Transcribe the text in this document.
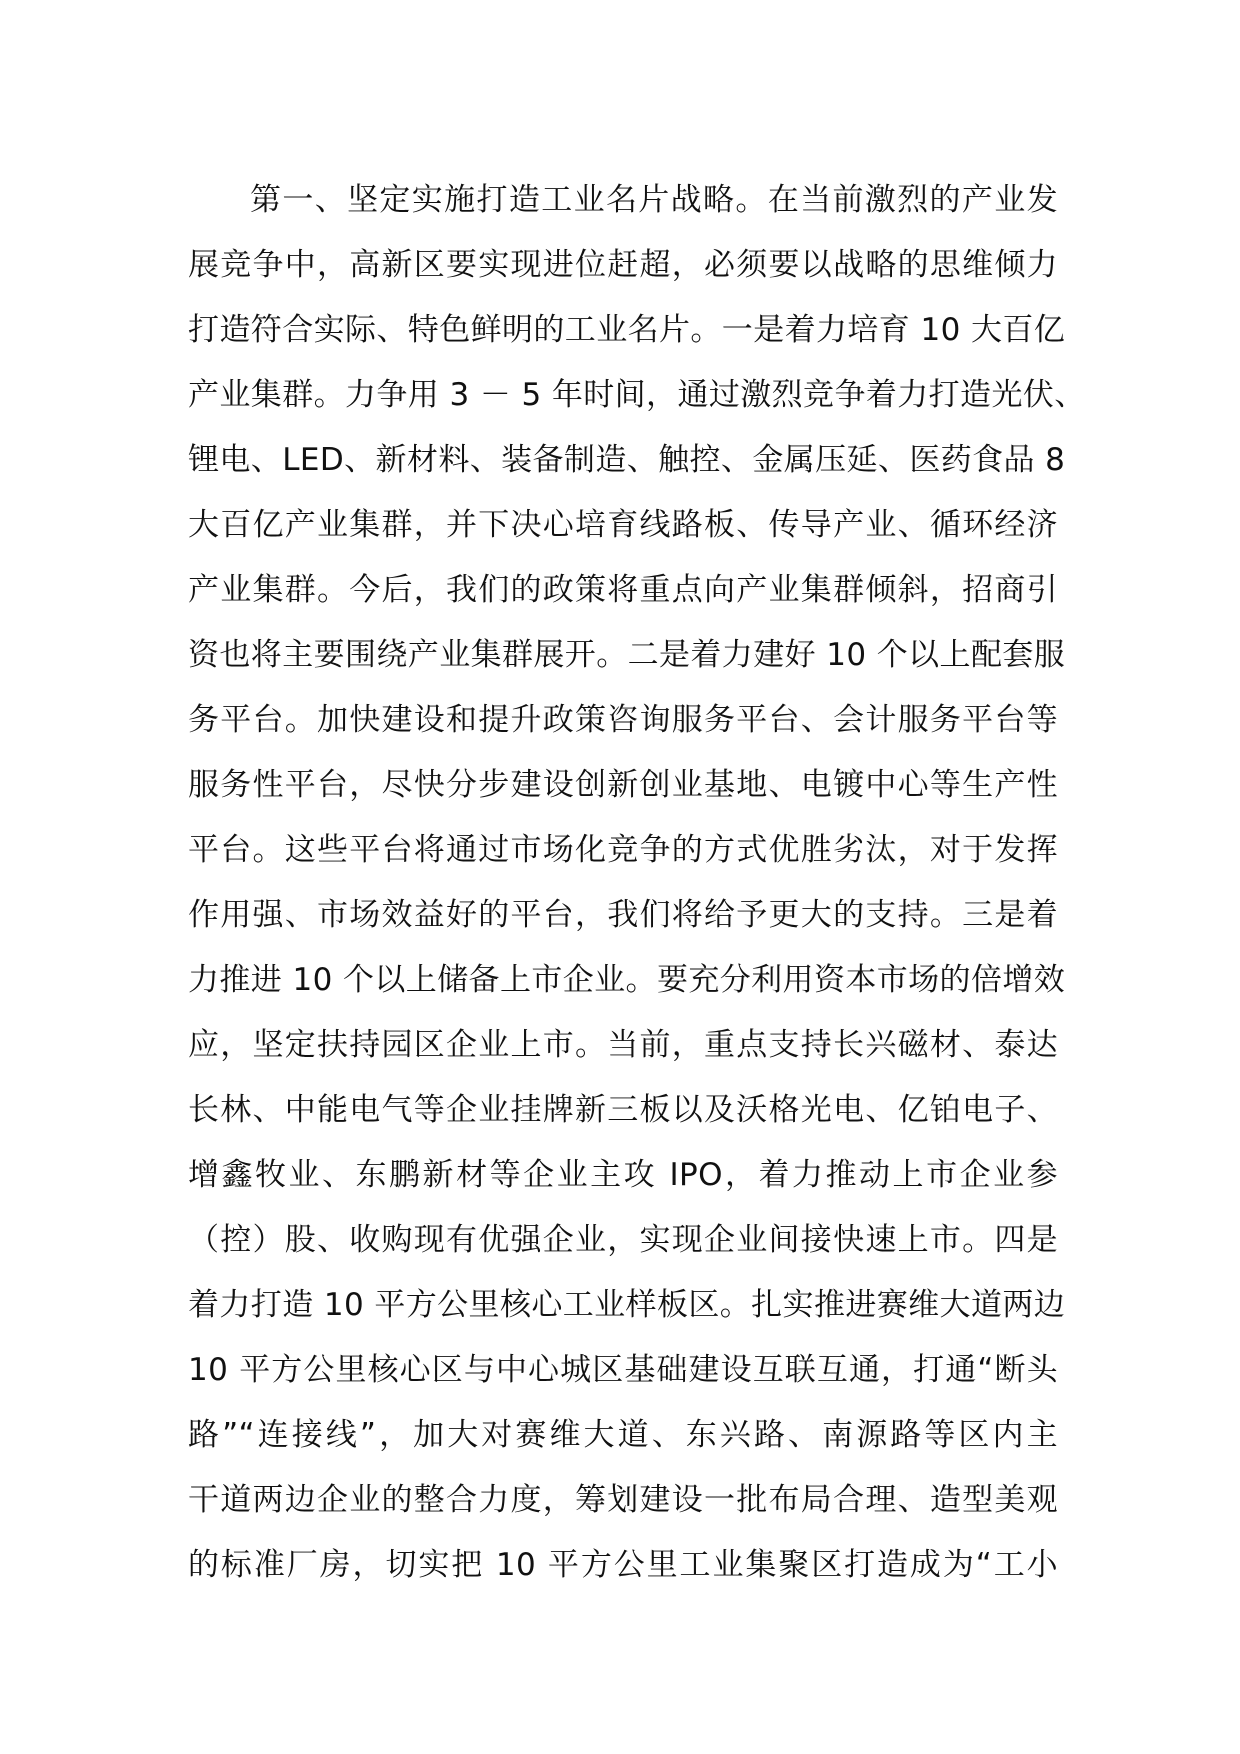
第一、坚定实施打造工业名片战略。在当前激烈的产业发
展竞争中，高新区要实现进位赶超，必须要以战略的思维倾力
打造符合实际、特色鲜明的工业名片。一是着力培育 10 大百亿
产业集群。力争用 3 － 5 年时间，通过激烈竞争着力打造光伏、
锂电、LED、新材料、装备制造、触控、金属压延、医药食品 8
大百亿产业集群，并下决心培育线路板、传导产业、循环经济
产业集群。今后，我们的政策将重点向产业集群倾斜，招商引
资也将主要围绕产业集群展开。二是着力建好 10 个以上配套服
务平台。加快建设和提升政策咨询服务平台、会计服务平台等
服务性平台，尽快分步建设创新创业基地、电镀中心等生产性
平台。这些平台将通过市场化竞争的方式优胜劣汰，对于发挥
作用强、市场效益好的平台，我们将给予更大的支持。三是着
力推进 10 个以上储备上市企业。要充分利用资本市场的倍增效
应，坚定扶持园区企业上市。当前，重点支持长兴磁材、泰达
长林、中能电气等企业挂牌新三板以及沃格光电、亿铂电子、
增鑫牧业、东鹏新材等企业主攻 IPO，着力推动上市企业参
（控）股、收购现有优强企业，实现企业间接快速上市。四是
着力打造 10 平方公里核心工业样板区。扎实推进赛维大道两边
10 平方公里核心区与中心城区基础建设互联互通，打通“断头
路”“连接线”，加大对赛维大道、东兴路、南源路等区内主
干道两边企业的整合力度，筹划建设一批布局合理、造型美观
的标准厂房，切实把 10 平方公里工业集聚区打造成为“工小
